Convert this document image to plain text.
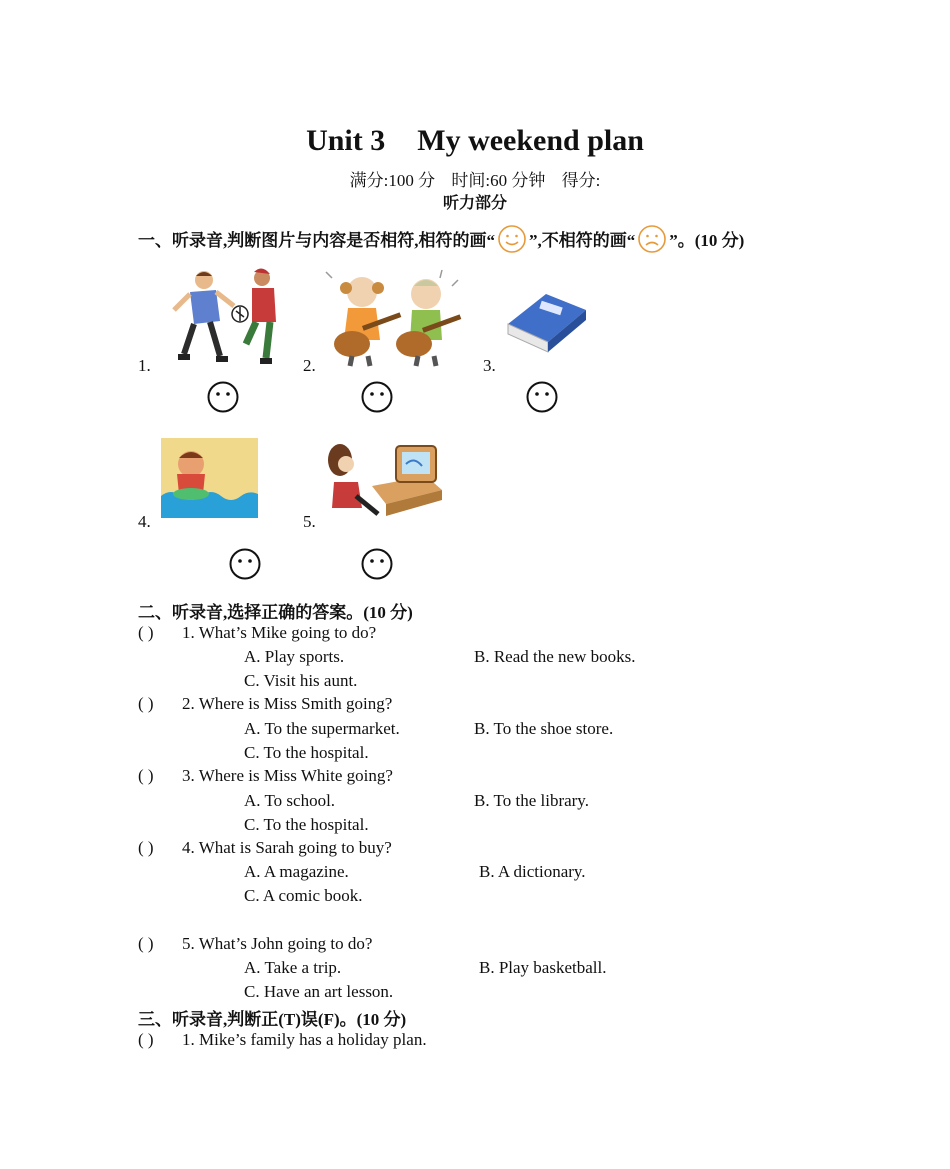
Unit 3 My weekend plan
满分:100 分 时间:60 分钟 得分:
听力部分
一、听录音,判断图片与内容是否相符,相符的画“ ”,不相符的画“ ”。(10 分)
1.	2.	3.
4.	5.
二、听录音,选择正确的答案。(10 分)
( ) 1. What’s Mike going to do?
A. Play sports.	B. Read the new books.
C. Visit his aunt.
( ) 2. Where is Miss Smith going?
A. To the supermarket.	B. To the shoe store.
C. To the hospital.
( ) 3. Where is Miss White going?
A. To school.	B. To the library.
C. To the hospital.
( ) 4. What is Sarah going to buy?
A. A magazine.	B. A dictionary.
C. A comic book.
( ) 5. What’s John going to do?
A. Take a trip.	B. Play basketball.
C. Have an art lesson.
三、听录音,判断正(T)误(F)。(10 分)
( ) 1. Mike’s family has a holiday plan.
